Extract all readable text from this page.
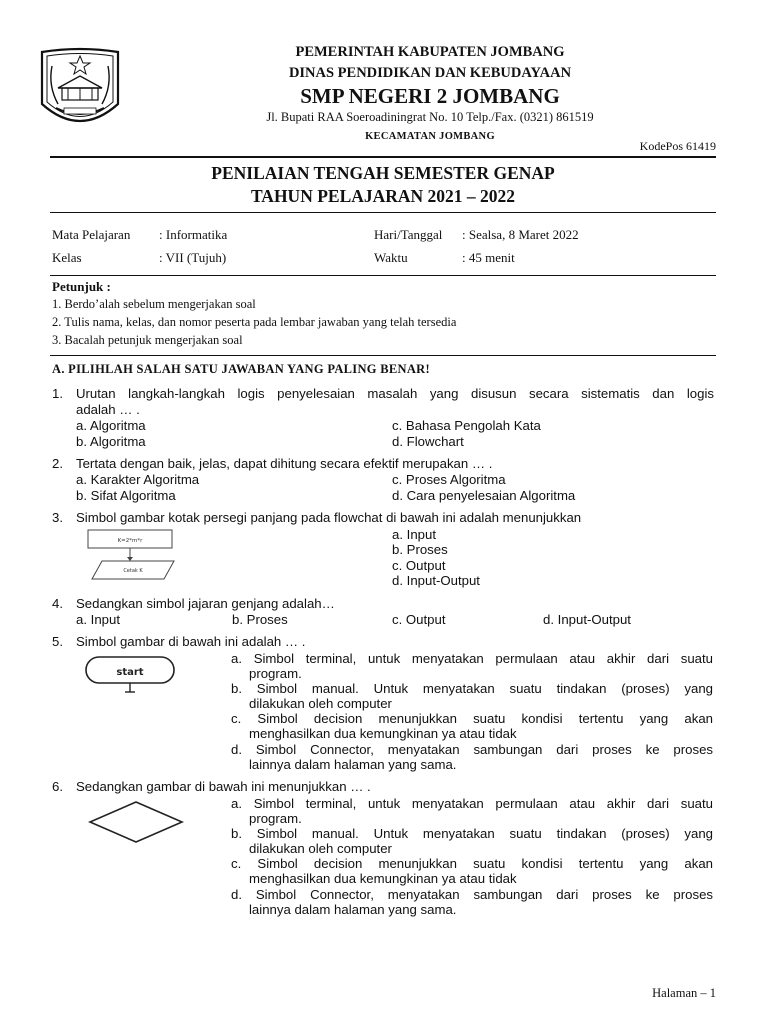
PEMERINTAH KABUPATEN JOMBANG
DINAS PENDIDIKAN DAN KEBUDAYAAN
SMP NEGERI 2 JOMBANG
Jl. Bupati RAA Soeroadiningrat No. 10 Telp./Fax. (0321) 861519
KECAMATAN JOMBANG
KodePos 61419
PENILAIAN TENGAH SEMESTER GENAP
TAHUN PELAJARAN 2021 – 2022
Mata Pelajaran : Informatika	Hari/Tanggal : Sealsa, 8 Maret 2022
Kelas	: VII (Tujuh)	Waktu	: 45 menit
Petunjuk :
1. Berdo’alah sebelum mengerjakan soal
2. Tulis nama, kelas, dan nomor peserta pada lembar jawaban yang telah tersedia
3. Bacalah petunjuk mengerjakan soal
A. PILIHLAH SALAH SATU JAWABAN YANG PALING BENAR!
1. Urutan langkah-langkah logis penyelesaian masalah yang disusun secara sistematis dan logis
adalah … .
a. Algoritma
b. Algoritma
c. Bahasa Pengolah Kata
d. Flowchart
2. Tertata dengan baik, jelas, dapat dihitung secara efektif merupakan … .
a. Karakter Algoritma
b. Sifat Algoritma
c. Proses Algoritma
d. Cara penyelesaian Algoritma
3. Simbol gambar kotak persegi panjang pada flowchat di bawah ini adalah menunjukkan
K=2*m*r
Cetak K
a. Input
b. Proses
c. Output
d. Input-Output
4. Sedangkan simbol jajaran genjang adalah…
a. Input	b. Proses	c. Output	d. Input-Output
5. Simbol gambar di bawah ini adalah … .
start
a. Simbol terminal, untuk menyatakan permulaan atau akhir dari suatu
program.
b. Simbol manual. Untuk menyatakan suatu tindakan (proses) yang
dilakukan oleh computer
c. Simbol decision menunjukkan suatu kondisi tertentu yang akan
menghasilkan dua kemungkinan ya atau tidak
d. Simbol Connector, menyatakan sambungan dari proses ke proses
lainnya dalam halaman yang sama.
6. Sedangkan gambar di bawah ini menunjukkan … .
a. Simbol terminal, untuk menyatakan permulaan atau akhir dari suatu
program.
b. Simbol manual. Untuk menyatakan suatu tindakan (proses) yang
dilakukan oleh computer
c. Simbol decision menunjukkan suatu kondisi tertentu yang akan
menghasilkan dua kemungkinan ya atau tidak
d. Simbol Connector, menyatakan sambungan dari proses ke proses
lainnya dalam halaman yang sama.
Halaman – 1
